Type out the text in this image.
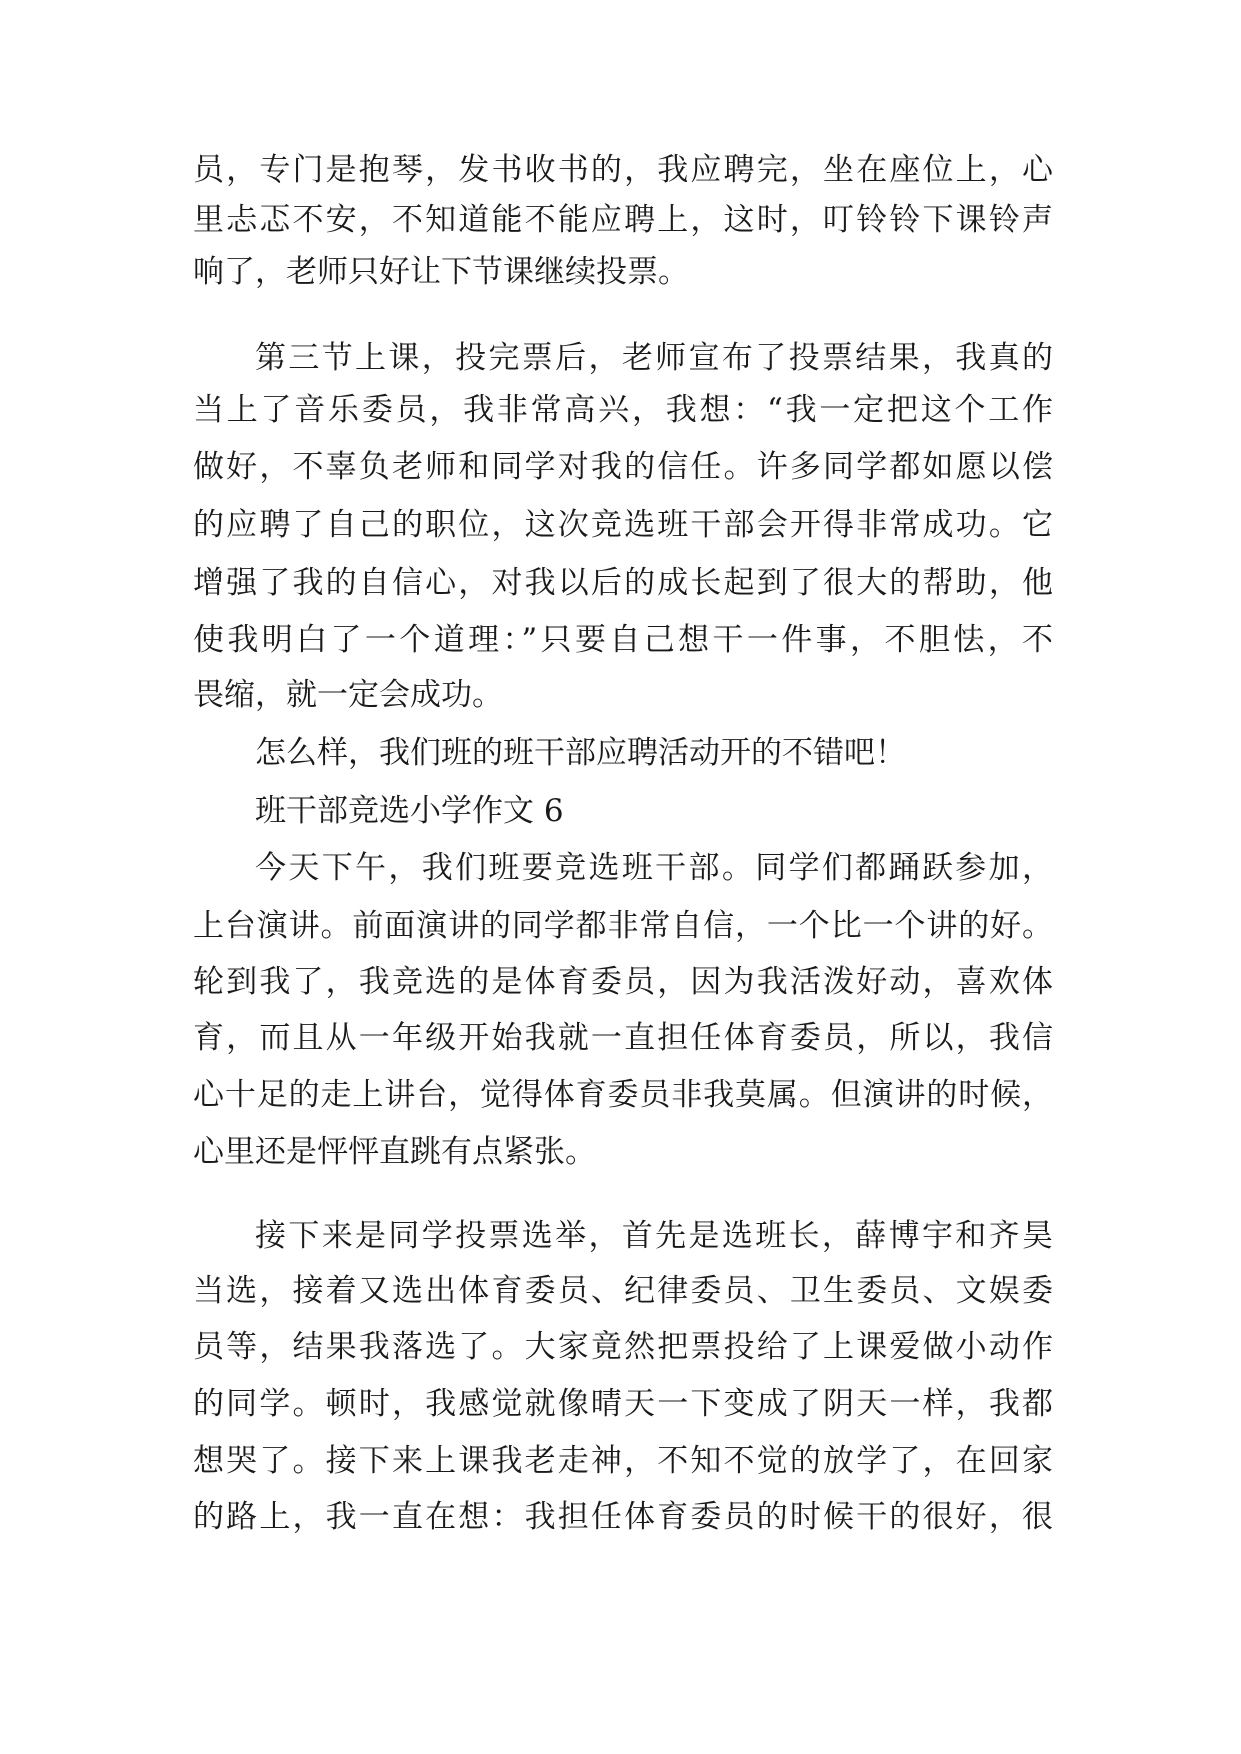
员，专门是抱琴，发书收书的，我应聘完，坐在座位上，心

里忐忑不安，不知道能不能应聘上，这时，叮铃铃下课铃声

响了，老师只好让下节课继续投票。

第三节上课，投完票后，老师宣布了投票结果，我真的

当上了音乐委员，我非常高兴，我想：“我一定把这个工作

做好，不辜负老师和同学对我的信任。许多同学都如愿以偿

的应聘了自己的职位，这次竞选班干部会开得非常成功。它

增强了我的自信心，对我以后的成长起到了很大的帮助，他

使我明白了一个道理：”只要自己想干一件事，不胆怯，不

畏缩，就一定会成功。

怎么样，我们班的班干部应聘活动开的不错吧！

班干部竞选小学作文 6

今天下午，我们班要竞选班干部。同学们都踊跃参加，

上台演讲。前面演讲的同学都非常自信，一个比一个讲的好。

轮到我了，我竞选的是体育委员，因为我活泼好动，喜欢体

育，而且从一年级开始我就一直担任体育委员，所以，我信

心十足的走上讲台，觉得体育委员非我莫属。但演讲的时候，

心里还是怦怦直跳有点紧张。

接下来是同学投票选举，首先是选班长，薛博宇和齐昊

当选，接着又选出体育委员、纪律委员、卫生委员、文娱委

员等，结果我落选了。大家竟然把票投给了上课爱做小动作

的同学。顿时，我感觉就像晴天一下变成了阴天一样，我都

想哭了。接下来上课我老走神，不知不觉的放学了，在回家

的路上，我一直在想：我担任体育委员的时候干的很好，很
